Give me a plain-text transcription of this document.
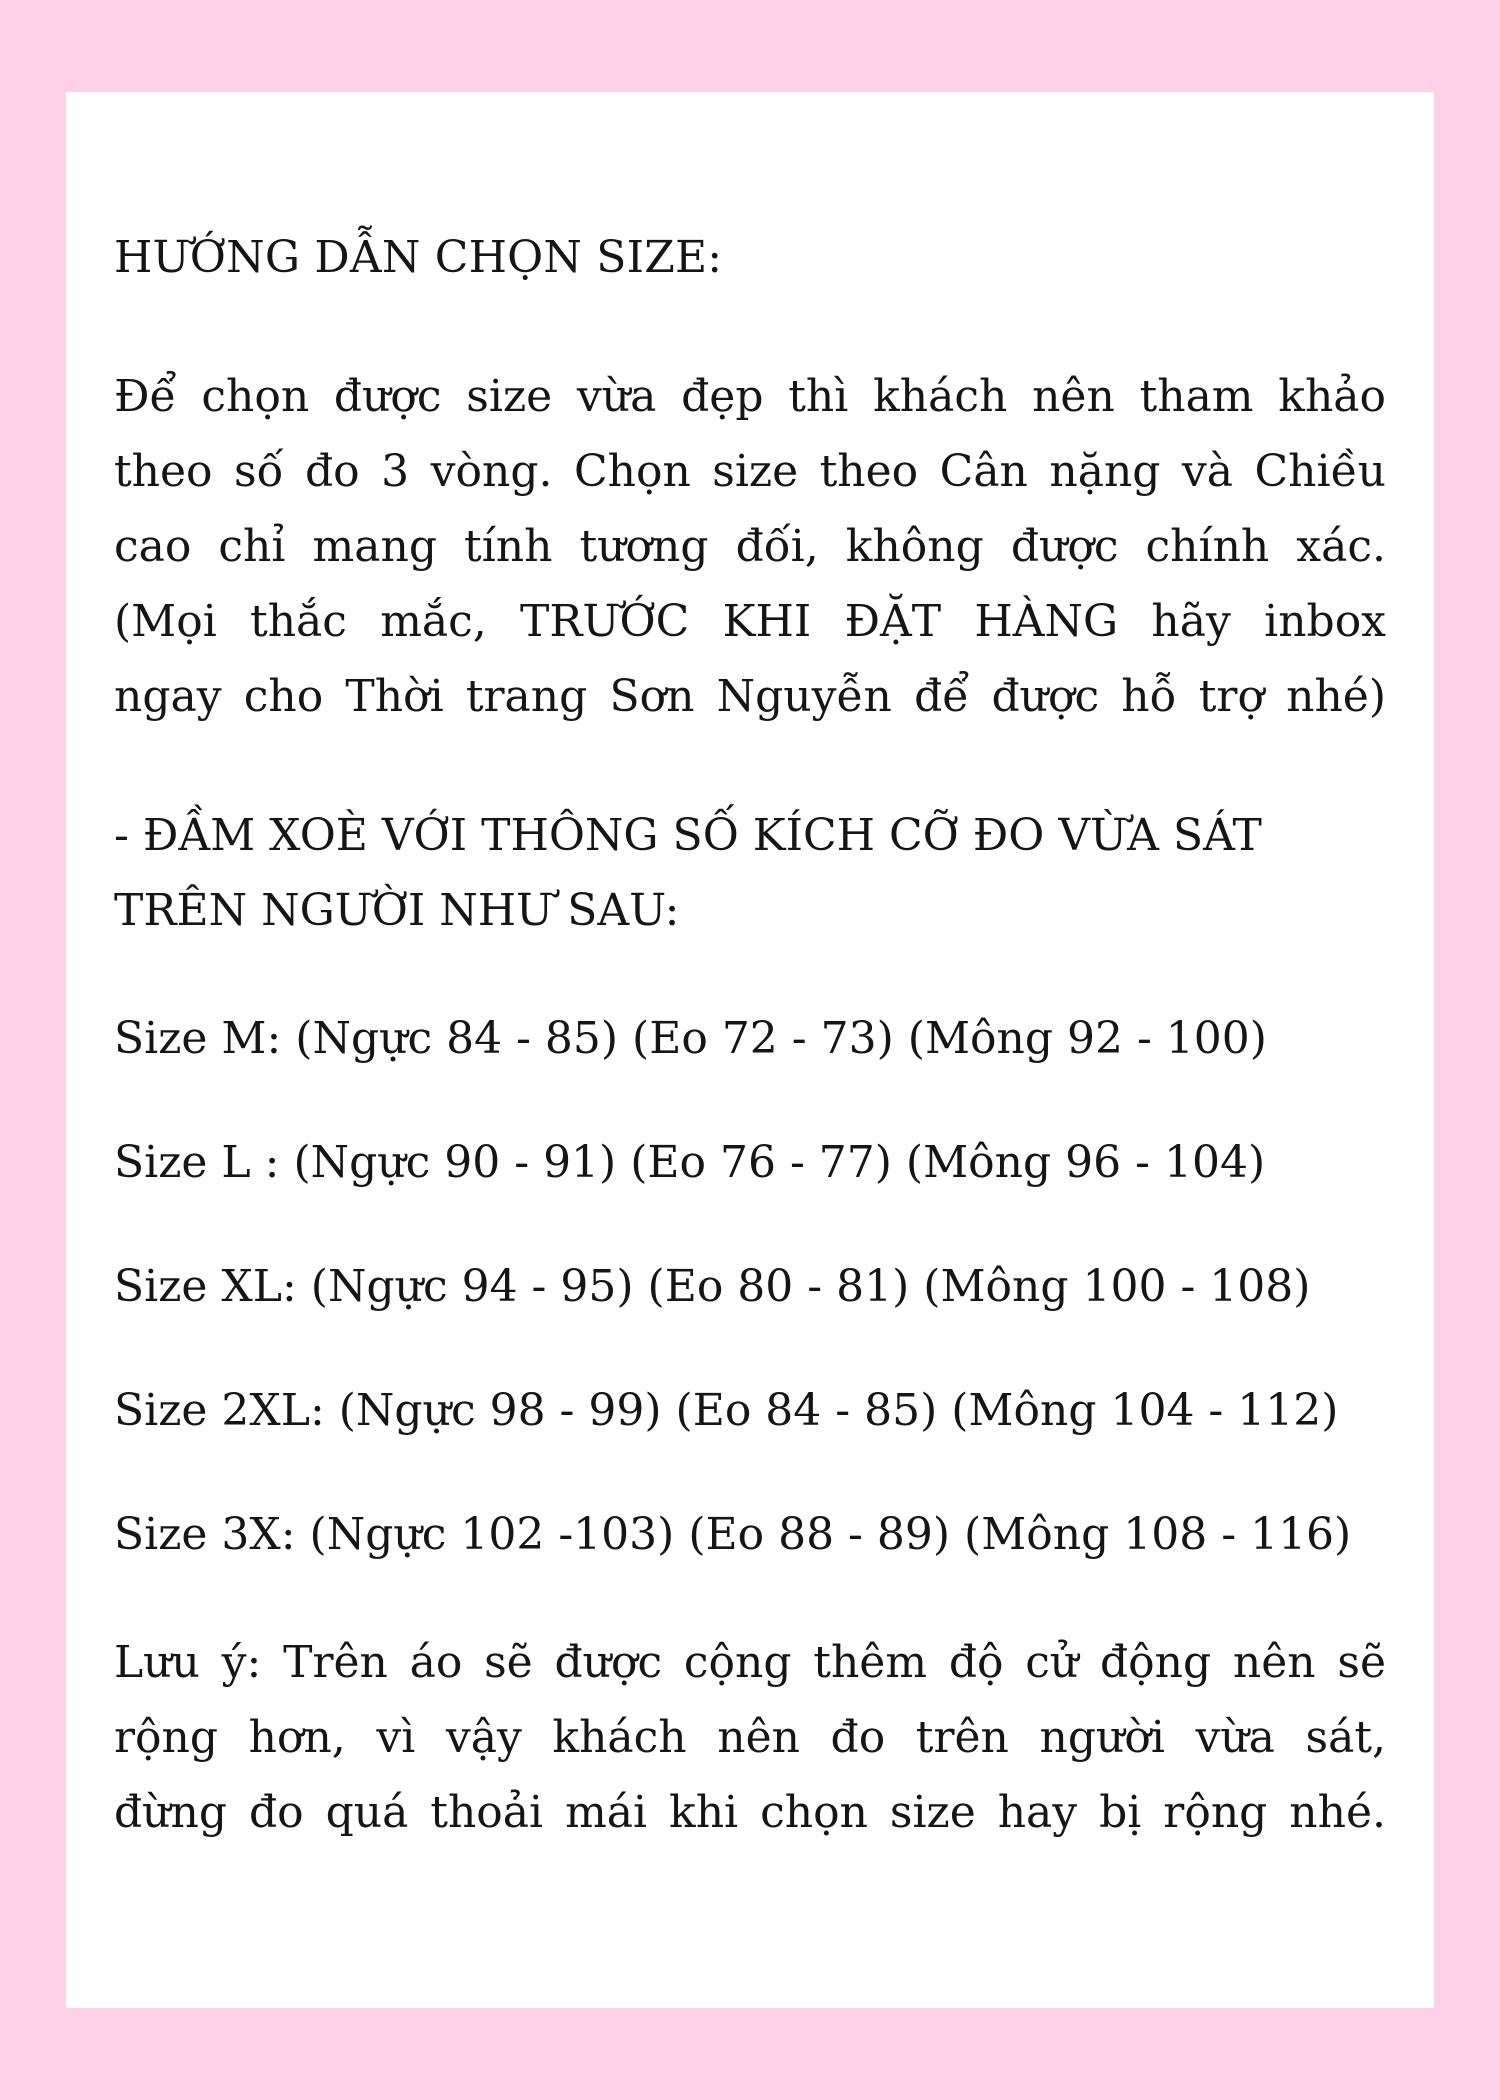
HƯỚNG DẪN CHỌN SIZE:
Để chọn được size vừa đẹp thì khách nên tham khảo
theo số đo 3 vòng. Chọn size theo Cân nặng và Chiều
cao chỉ mang tính tương đối, không được chính xác.
(Mọi thắc mắc, TRƯỚC KHI ĐẶT HÀNG hãy inbox
ngay cho Thời trang Sơn Nguyễn để được hỗ trợ nhé)
- ĐẦM XOÈ VỚI THÔNG SỐ KÍCH CỠ ĐO VỪA SÁT
TRÊN NGƯỜI NHƯ SAU:
Size M: (Ngực 84 - 85) (Eo 72 - 73) (Mông 92 - 100)
Size L : (Ngực 90 - 91) (Eo 76 - 77) (Mông 96 - 104)
Size XL: (Ngực 94 - 95) (Eo 80 - 81) (Mông 100 - 108)
Size 2XL: (Ngực 98 - 99) (Eo 84 - 85) (Mông 104 - 112)
Size 3X: (Ngực 102 -103) (Eo 88 - 89) (Mông 108 - 116)
Lưu ý: Trên áo sẽ được cộng thêm độ cử động nên sẽ
rộng hơn, vì vậy khách nên đo trên người vừa sát,
đừng đo quá thoải mái khi chọn size hay bị rộng nhé.
